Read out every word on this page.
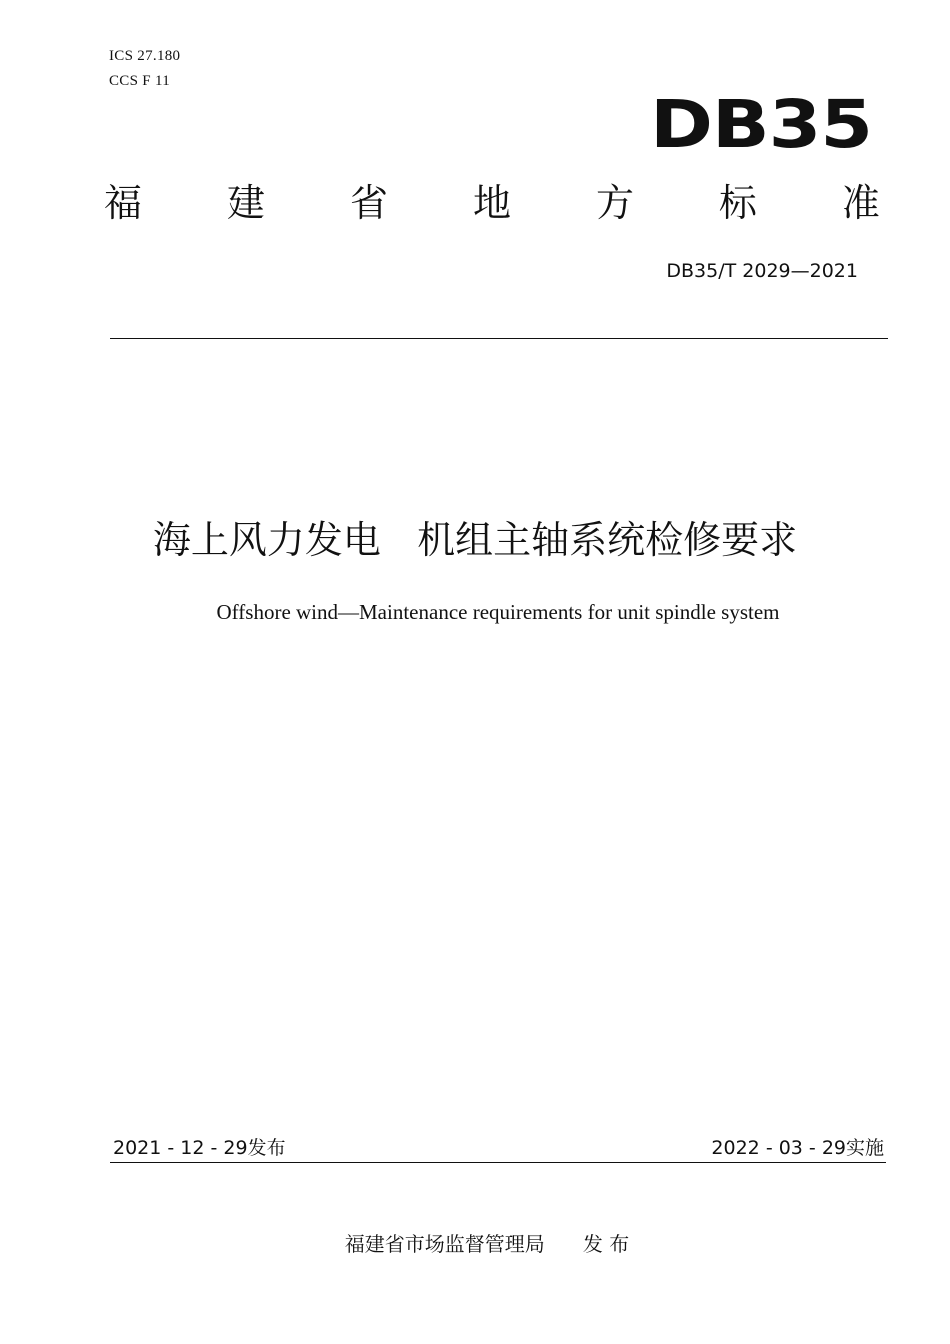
ICS 27.180
CCS F 11
DB35
福 建 省 地 方 标 准
DB35/T 2029—2021
海上风力发电   机组主轴系统检修要求
Offshore wind—Maintenance requirements for unit spindle system
2021 - 12 - 29发布	2022 - 03 - 29实施
福建省市场监督管理局      发 布
